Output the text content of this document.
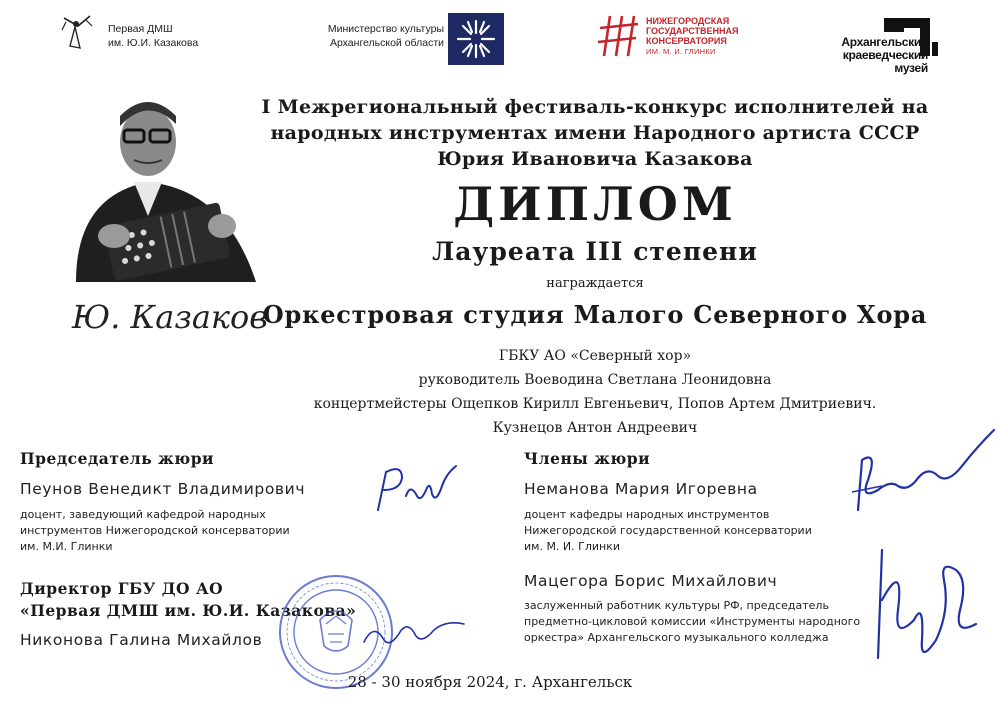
Первая ДМШ
им. Ю.И. Казакова
Министерство культуры
Архангельской области
НИЖЕГОРОДСКАЯ
ГОСУДАРСТВЕННАЯ
КОНСЕРВАТОРИЯ
ИМ. М. И. ГЛИНКИ
Архангельский
краеведческий музей
Ю. Казаков
I Межрегиональный фестиваль-конкурс исполнителей на
народных инструментах имени Народного артиста СССР
Юрия Ивановича Казакова
ДИПЛОМ
Лауреата III степени
награждается
Оркестровая студия Малого Северного Хора
ГБКУ АО «Северный хор»
руководитель Воеводина Светлана Леонидовна
концертмейстеры Ощепков Кирилл Евгеньевич, Попов Артем Дмитриевич.
Кузнецов Антон Андреевич
Председатель жюри
Пеунов Венедикт Владимирович
доцент, заведующий кафедрой народных
инструментов Нижегородской консерватории
им. М.И. Глинки
Директор ГБУ ДО АО
«Первая ДМШ им. Ю.И. Казакова»
Никонова Галина Михайлов
Члены жюри
Неманова Мария Игоревна
доцент кафедры народных инструментов
Нижегородской государственной консерватории
им. М. И. Глинки
Мацегора Борис Михайлович
заслуженный работник культуры РФ, председатель
предметно-цикловой комиссии «Инструменты народного
оркестра» Архангельского музыкального колледжа
28 - 30 ноября 2024, г. Архангельск
